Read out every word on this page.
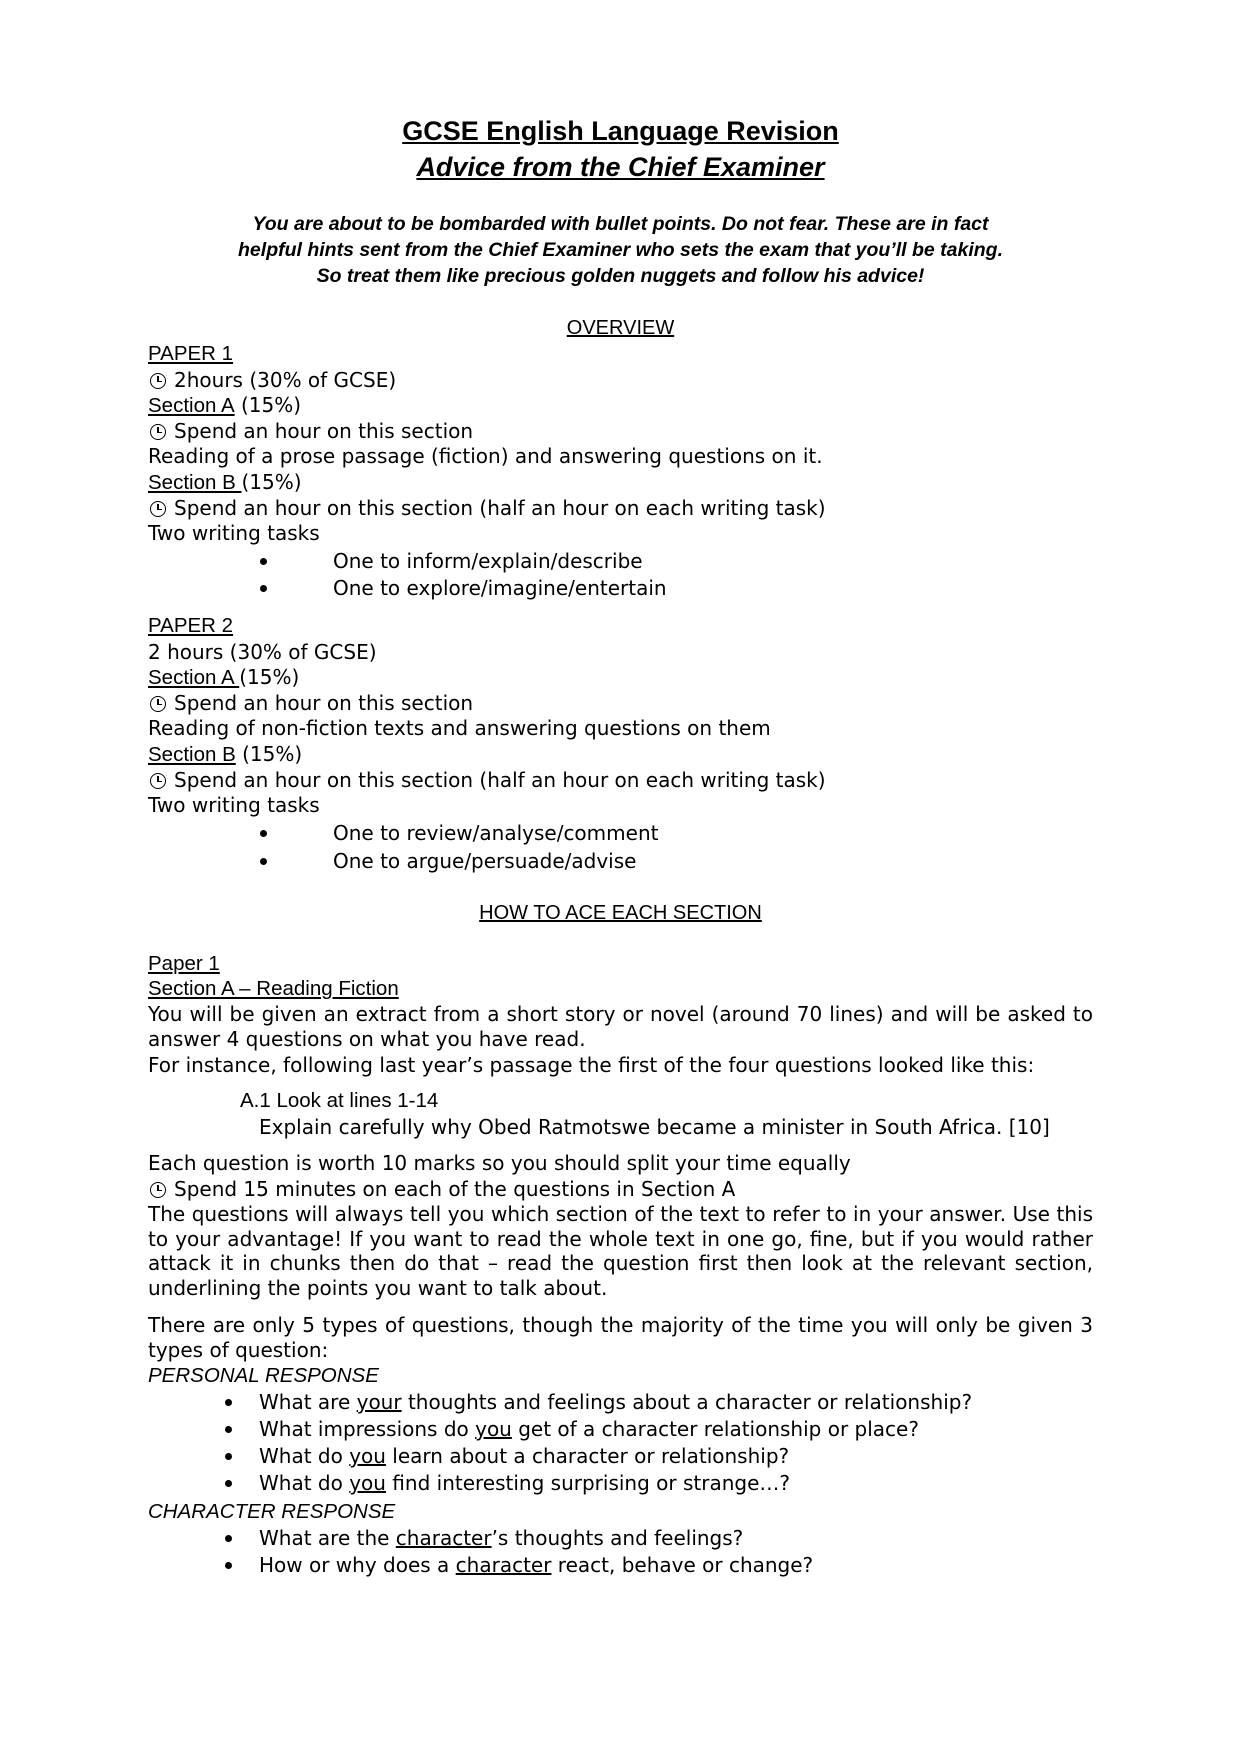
GCSE English Language Revision
Advice from the Chief Examiner
You are about to be bombarded with bullet points. Do not fear. These are in fact
helpful hints sent from the Chief Examiner who sets the exam that you’ll be taking.
So treat them like precious golden nuggets and follow his advice!
OVERVIEW
PAPER 1
2hours (30% of GCSE)
Section A (15%)
Spend an hour on this section
Reading of a prose passage (fiction) and answering questions on it.
Section B (15%)
Spend an hour on this section (half an hour on each writing task)
Two writing tasks
One to inform/explain/describe
One to explore/imagine/entertain
PAPER 2
2 hours (30% of GCSE)
Section A (15%)
Spend an hour on this section
Reading of non-fiction texts and answering questions on them
Section B (15%)
Spend an hour on this section (half an hour on each writing task)
Two writing tasks
One to review/analyse/comment
One to argue/persuade/advise
HOW TO ACE EACH SECTION
Paper 1
Section A – Reading Fiction
You will be given an extract from a short story or novel (around 70 lines) and will be asked to answer 4 questions on what you have read.
For instance, following last year’s passage the first of the four questions looked like this:
A.1 Look at lines 1-14
Explain carefully why Obed Ratmotswe became a minister in South Africa. [10]
Each question is worth 10 marks so you should split your time equally
Spend 15 minutes on each of the questions in Section A
The questions will always tell you which section of the text to refer to in your answer. Use this to your advantage! If you want to read the whole text in one go, fine, but if you would rather attack it in chunks then do that – read the question first then look at the relevant section, underlining the points you want to talk about.
There are only 5 types of questions, though the majority of the time you will only be given 3 types of question:
PERSONAL RESPONSE
What are your thoughts and feelings about a character or relationship?
What impressions do you get of a character relationship or place?
What do you learn about a character or relationship?
What do you find interesting surprising or strange…?
CHARACTER RESPONSE
What are the character’s thoughts and feelings?
How or why does a character react, behave or change?
